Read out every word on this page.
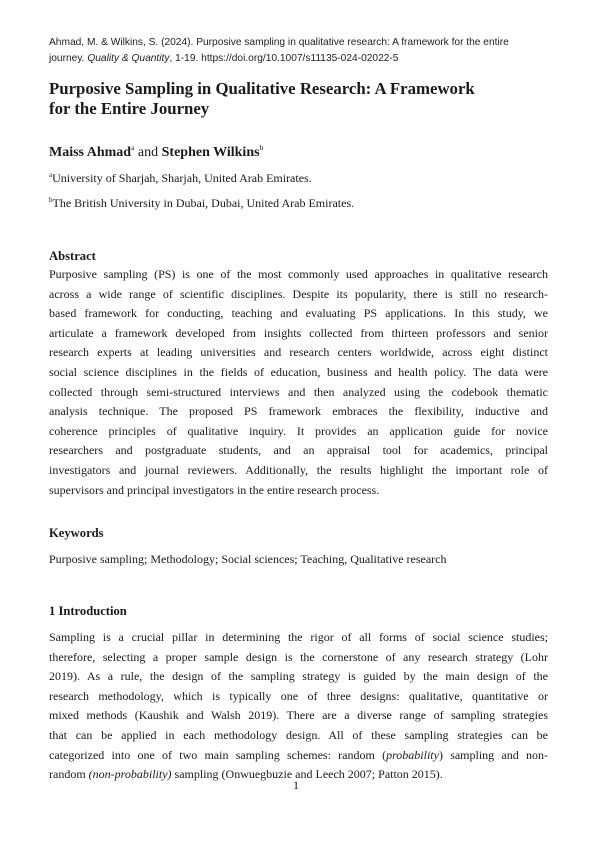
Ahmad, M. & Wilkins, S. (2024). Purposive sampling in qualitative research: A framework for the entire
journey. Quality & Quantity, 1-19. https://doi.org/10.1007/s11135-024-02022-5
Purposive Sampling in Qualitative Research: A Framework
for the Entire Journey
Maiss Ahmad$^a$ and Stephen Wilkins$^b$
$^a$University of Sharjah, Sharjah, United Arab Emirates.
$^b$The British University in Dubai, Dubai, United Arab Emirates.
Abstract

Purposive sampling (PS) is one of the most commonly used approaches in qualitative research
across a wide range of scientific disciplines. Despite its popularity, there is still no research-
based framework for conducting, teaching and evaluating PS applications. In this study, we
articulate a framework developed from insights collected from thirteen professors and senior
research experts at leading universities and research centers worldwide, across eight distinct
social science disciplines in the fields of education, business and health policy. The data were
collected through semi-structured interviews and then analyzed using the codebook thematic
analysis technique. The proposed PS framework embraces the flexibility, inductive and
coherence principles of qualitative inquiry. It provides an application guide for novice
researchers and postgraduate students, and an appraisal tool for academics, principal
investigators and journal reviewers. Additionally, the results highlight the important role of
supervisors and principal investigators in the entire research process.

Keywords
Purposive sampling; Methodology; Social sciences; Teaching, Qualitative research
1 Introduction

Sampling is a crucial pillar in determining the rigor of all forms of social science studies;
therefore, selecting a proper sample design is the cornerstone of any research strategy (Lohr
2019). As a rule, the design of the sampling strategy is guided by the main design of the
research methodology, which is typically one of three designs: qualitative, quantitative or
mixed methods (Kaushik and Walsh 2019). There are a diverse range of sampling strategies
that can be applied in each methodology design. All of these sampling strategies can be
categorized into one of two main sampling schemes: random (probability) sampling and non-
random (non-probability) sampling (Onwuegbuzie and Leech 2007; Patton 2015).

1
